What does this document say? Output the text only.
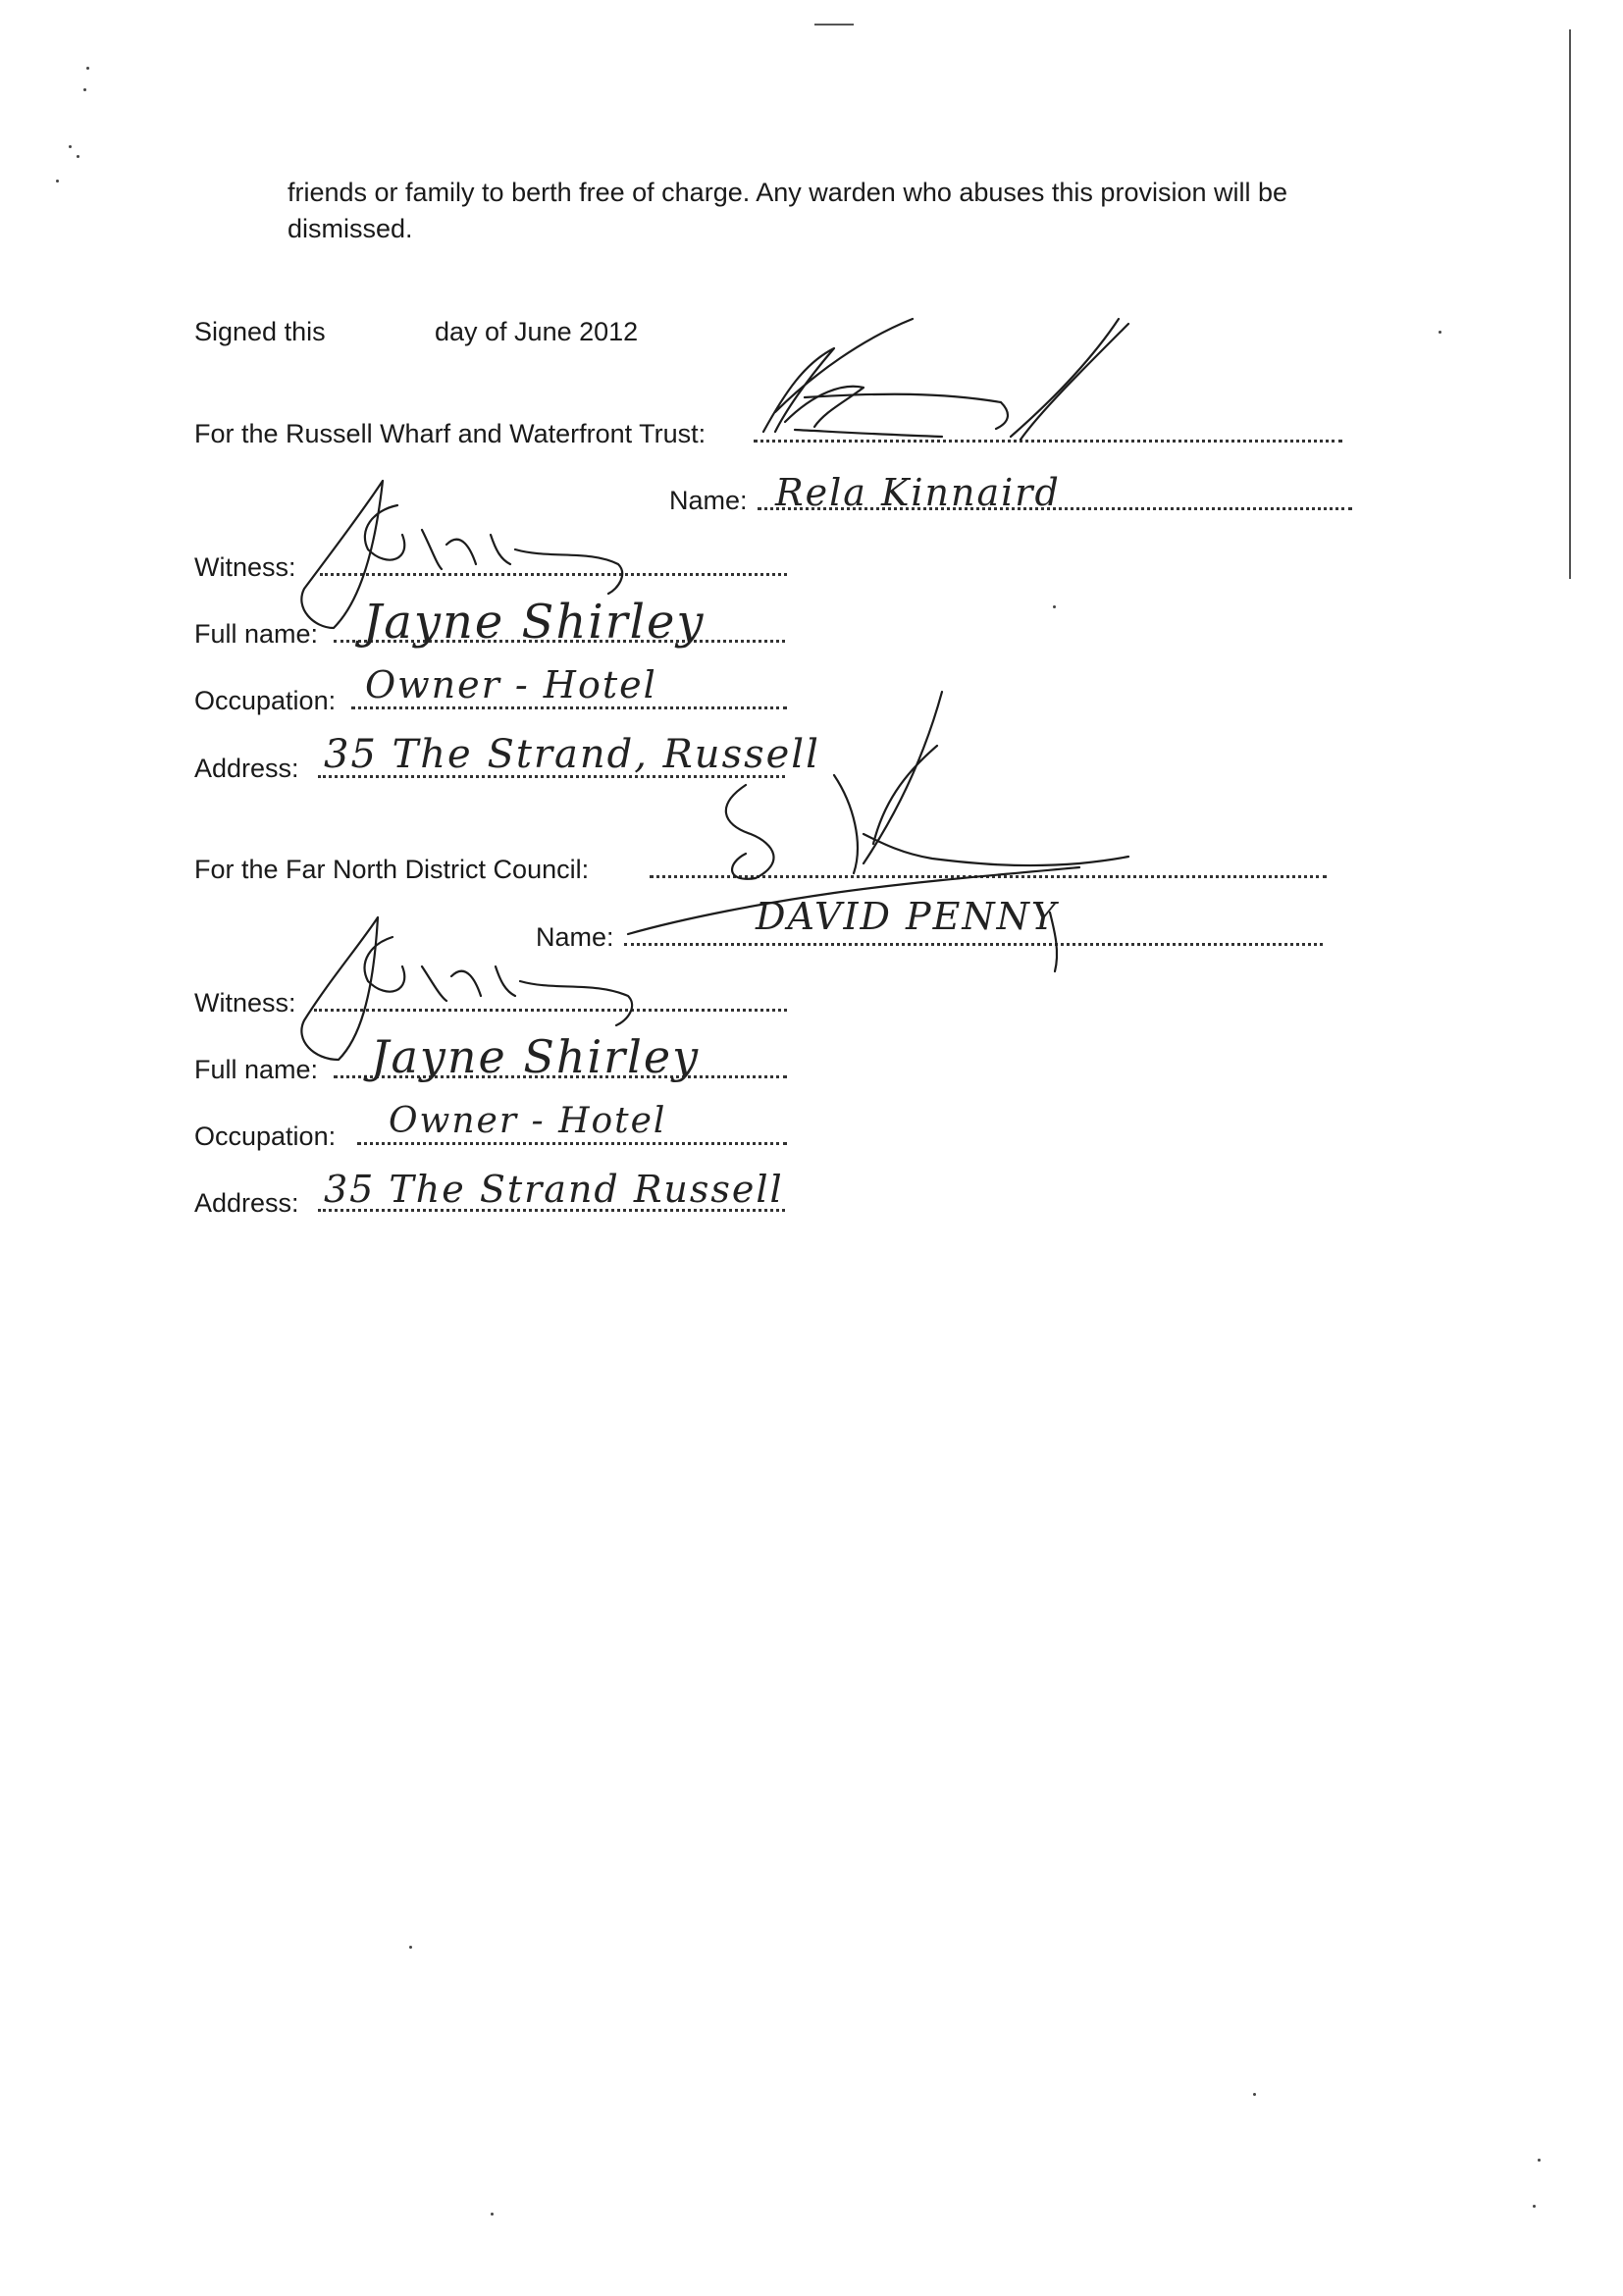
friends or family to berth free of charge. Any warden who abuses this provision will be dismissed.
Signed this	day of June 2012
For the Russell Wharf and Waterfront Trust:
Name: Rela Kinnaird
Witness:
Full name: Jayne Shirley
Occupation: Owner - Hotel
Address: 35 The Strand, Russell
For the Far North District Council:
Name:	DAVID PENNY
Witness:
Full name: Jayne Shirley
Occupation: Owner - Hotel
Address: 35 The Strand Russell
